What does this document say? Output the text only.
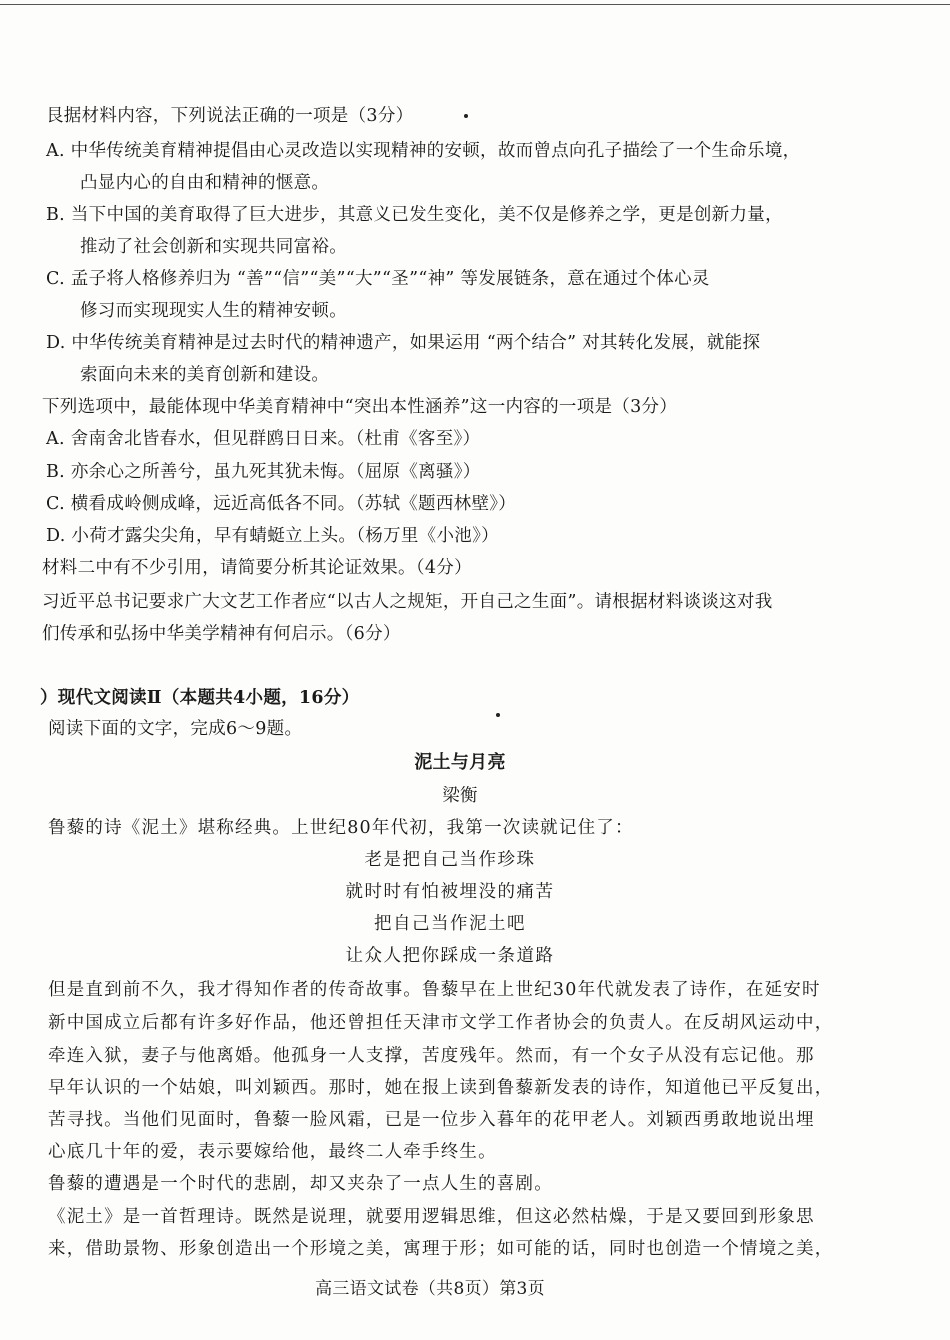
艮据材料内容，下列说法正确的一项是（3分）
A. 中华传统美育精神提倡由心灵改造以实现精神的安顿，故而曾点向孔子描绘了一个生命乐境，
凸显内心的自由和精神的惬意。
B. 当下中国的美育取得了巨大进步，其意义已发生变化，美不仅是修养之学，更是创新力量，
推动了社会创新和实现共同富裕。
C. 孟子将人格修养归为 “善”“信”“美”“大”“圣”“神” 等发展链条，意在通过个体心灵
修习而实现现实人生的精神安顿。
D. 中华传统美育精神是过去时代的精神遗产，如果运用 “两个结合” 对其转化发展，就能探
索面向未来的美育创新和建设。
下列选项中，最能体现中华美育精神中“突出本性涵养”这一内容的一项是（3分）
A. 舍南舍北皆春水，但见群鸥日日来。（杜甫《客至》）
B. 亦余心之所善兮，虽九死其犹未悔。（屈原《离骚》）
C. 横看成岭侧成峰，远近高低各不同。（苏轼《题西林壁》）
D. 小荷才露尖尖角，早有蜻蜓立上头。（杨万里《小池》）
材料二中有不少引用，请简要分析其论证效果。（4分）
习近平总书记要求广大文艺工作者应“以古人之规矩，开自己之生面”。请根据材料谈谈这对我
们传承和弘扬中华美学精神有何启示。（6分）
）现代文阅读Ⅱ（本题共4小题，16分）
阅读下面的文字，完成6～9题。
泥土与月亮
梁衡
鲁藜的诗《泥土》堪称经典。上世纪80年代初，我第一次读就记住了：
老是把自己当作珍珠
就时时有怕被埋没的痛苦
把自己当作泥土吧
让众人把你踩成一条道路
但是直到前不久，我才得知作者的传奇故事。鲁藜早在上世纪30年代就发表了诗作，在延安时
新中国成立后都有许多好作品，他还曾担任天津市文学工作者协会的负责人。在反胡风运动中，
牵连入狱，妻子与他离婚。他孤身一人支撑，苦度残年。然而，有一个女子从没有忘记他。那
早年认识的一个姑娘，叫刘颖西。那时，她在报上读到鲁藜新发表的诗作，知道他已平反复出，
苦寻找。当他们见面时，鲁藜一脸风霜，已是一位步入暮年的花甲老人。刘颖西勇敢地说出埋
心底几十年的爱，表示要嫁给他，最终二人牵手终生。
鲁藜的遭遇是一个时代的悲剧，却又夹杂了一点人生的喜剧。
《泥土》是一首哲理诗。既然是说理，就要用逻辑思维，但这必然枯燥，于是又要回到形象思
来，借助景物、形象创造出一个形境之美，寓理于形；如可能的话，同时也创造一个情境之美，
高三语文试卷（共8页）第3页
